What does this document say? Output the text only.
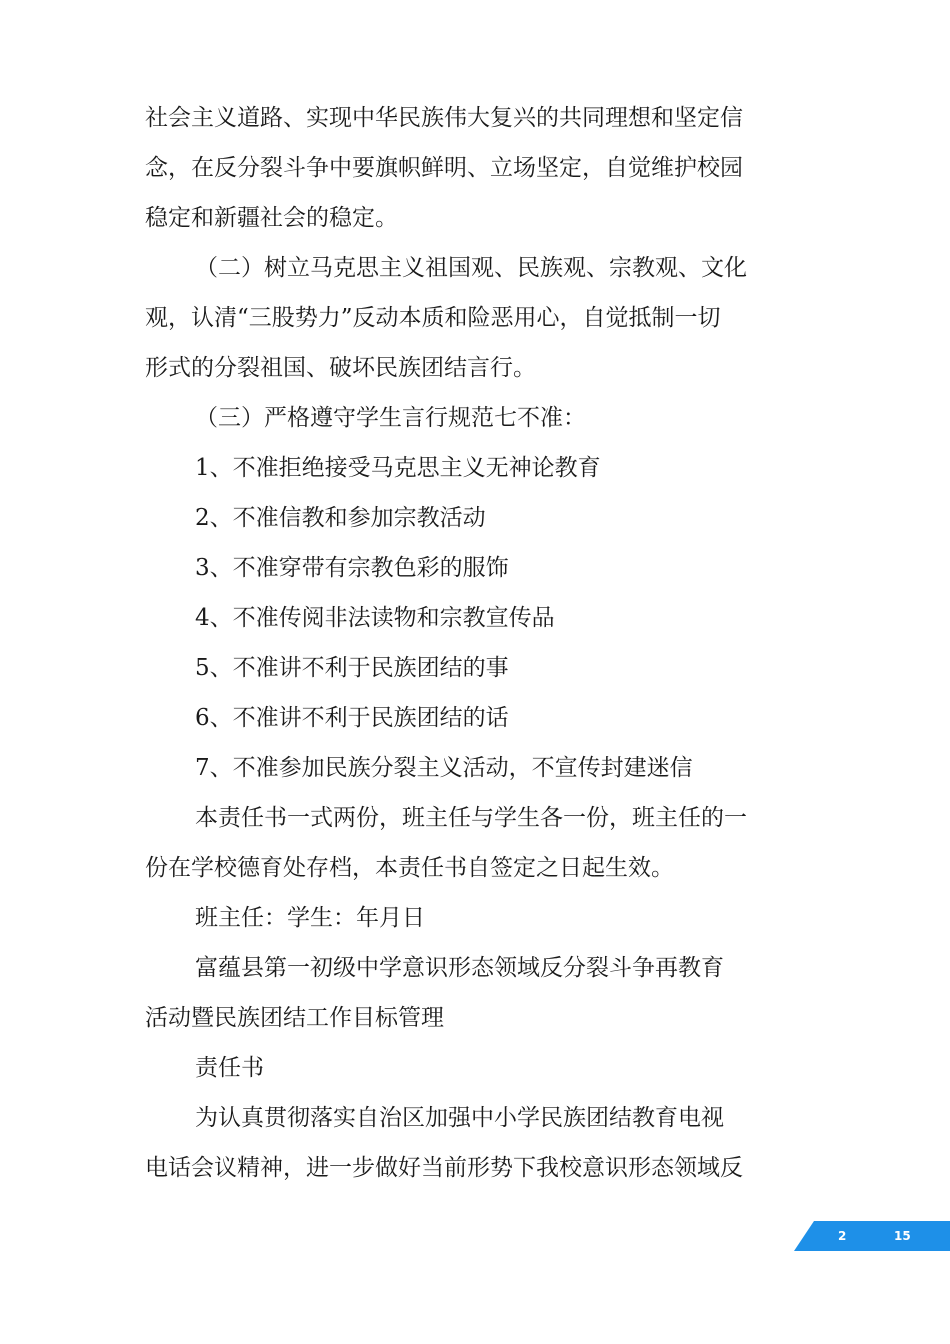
社会主义道路、实现中华民族伟大复兴的共同理想和坚定信
念，在反分裂斗争中要旗帜鲜明、立场坚定，自觉维护校园
稳定和新疆社会的稳定。
（二）树立马克思主义祖国观、民族观、宗教观、文化
观，认清“三股势力”反动本质和险恶用心，自觉抵制一切
形式的分裂祖国、破坏民族团结言行。
（三）严格遵守学生言行规范七不准：
1、不准拒绝接受马克思主义无神论教育
2、不准信教和参加宗教活动
3、不准穿带有宗教色彩的服饰
4、不准传阅非法读物和宗教宣传品
5、不准讲不利于民族团结的事
6、不准讲不利于民族团结的话
7、不准参加民族分裂主义活动，不宣传封建迷信
本责任书一式两份，班主任与学生各一份，班主任的一
份在学校德育处存档，本责任书自签定之日起生效。
班主任：学生：年月日
富蕴县第一初级中学意识形态领域反分裂斗争再教育
活动暨民族团结工作目标管理
责任书
为认真贯彻落实自治区加强中小学民族团结教育电视
电话会议精神，进一步做好当前形势下我校意识形态领域反
2	15
